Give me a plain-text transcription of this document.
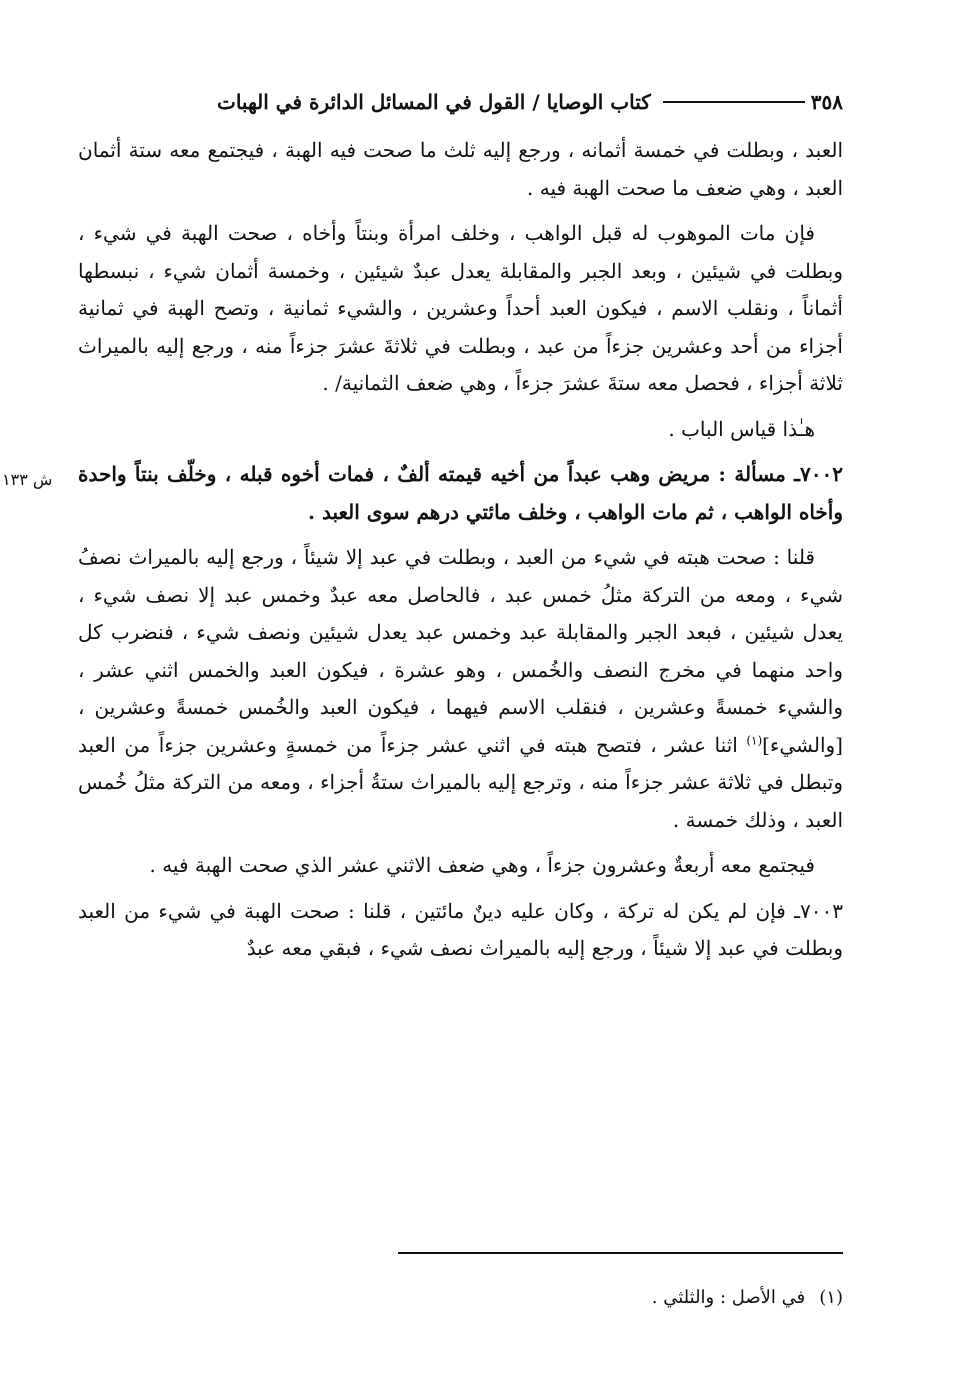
٣٥٨
كتاب الوصايا / القول في المسائل الدائرة في الهبات

العبد ، وبطلت في خمسة أثمانه ، ورجع إليه ثلث ما صحت فيه الهبة ، فيجتمع معه ستة أثمان العبد ، وهي ضعف ما صحت الهبة فيه .

فإن مات الموهوب له قبل الواهب ، وخلف امرأة وبنتاً وأخاه ، صحت الهبة في شيء ، وبطلت في شيئين ، وبعد الجبر والمقابلة يعدل عبدٌ شيئين ، وخمسة أثمان شيء ، نبسطها أثماناً ، ونقلب الاسم ، فيكون العبد أحداً وعشرين ، والشيء ثمانية ، وتصح الهبة في ثمانية أجزاء من أحد وعشرين جزءاً من عبد ، وبطلت في ثلاثةَ عشرَ جزءاً منه ، ورجع إليه بالميراث ثلاثة أجزاء ، فحصل معه ستةَ عشرَ جزءاً ، وهي ضعف الثمانية/ .

هـٰذا قياس الباب .

٧٠٠٢ـ مسألة : مريض وهب عبداً من أخيه قيمته ألفٌ ، فمات أخوه قبله ، وخلّف بنتاً واحدة وأخاه الواهب ، ثم مات الواهب ، وخلف مائتي درهم سوى العبد .

قلنا : صحت هبته في شيء من العبد ، وبطلت في عبد إلا شيئاً ، ورجع إليه بالميراث نصفُ شيء ، ومعه من التركة مثلُ خمس عبد ، فالحاصل معه عبدٌ وخمس عبد إلا نصف شيء ، يعدل شيئين ، فبعد الجبر والمقابلة عبد وخمس عبد يعدل شيئين ونصف شيء ، فنضرب كل واحد منهما في مخرج النصف والخُمس ، وهو عشرة ، فيكون العبد والخمس اثني عشر ، والشيء خمسةً وعشرين ، فنقلب الاسم فيهما ، فيكون العبد والخُمس خمسةً وعشرين ، [والشيء]$^{(١)}$ اثنا عشر ، فتصح هبته في اثني عشر جزءاً من خمسةٍ وعشرين جزءاً من العبد وتبطل في ثلاثة عشر جزءاً منه ، وترجع إليه بالميراث ستةُ أجزاء ، ومعه من التركة مثلُ خُمس العبد ، وذلك خمسة .

فيجتمع معه أربعةٌ وعشرون جزءاً ، وهي ضعف الاثني عشر الذي صحت الهبة فيه .

٧٠٠٣ـ فإن لم يكن له تركة ، وكان عليه دينٌ مائتين ، قلنا : صحت الهبة في شيء من العبد وبطلت في عبد إلا شيئاً ، ورجع إليه بالميراث نصف شيء ، فبقي معه عبدٌ

ش ١٣٣
(١)في الأصل : والثلثي .
